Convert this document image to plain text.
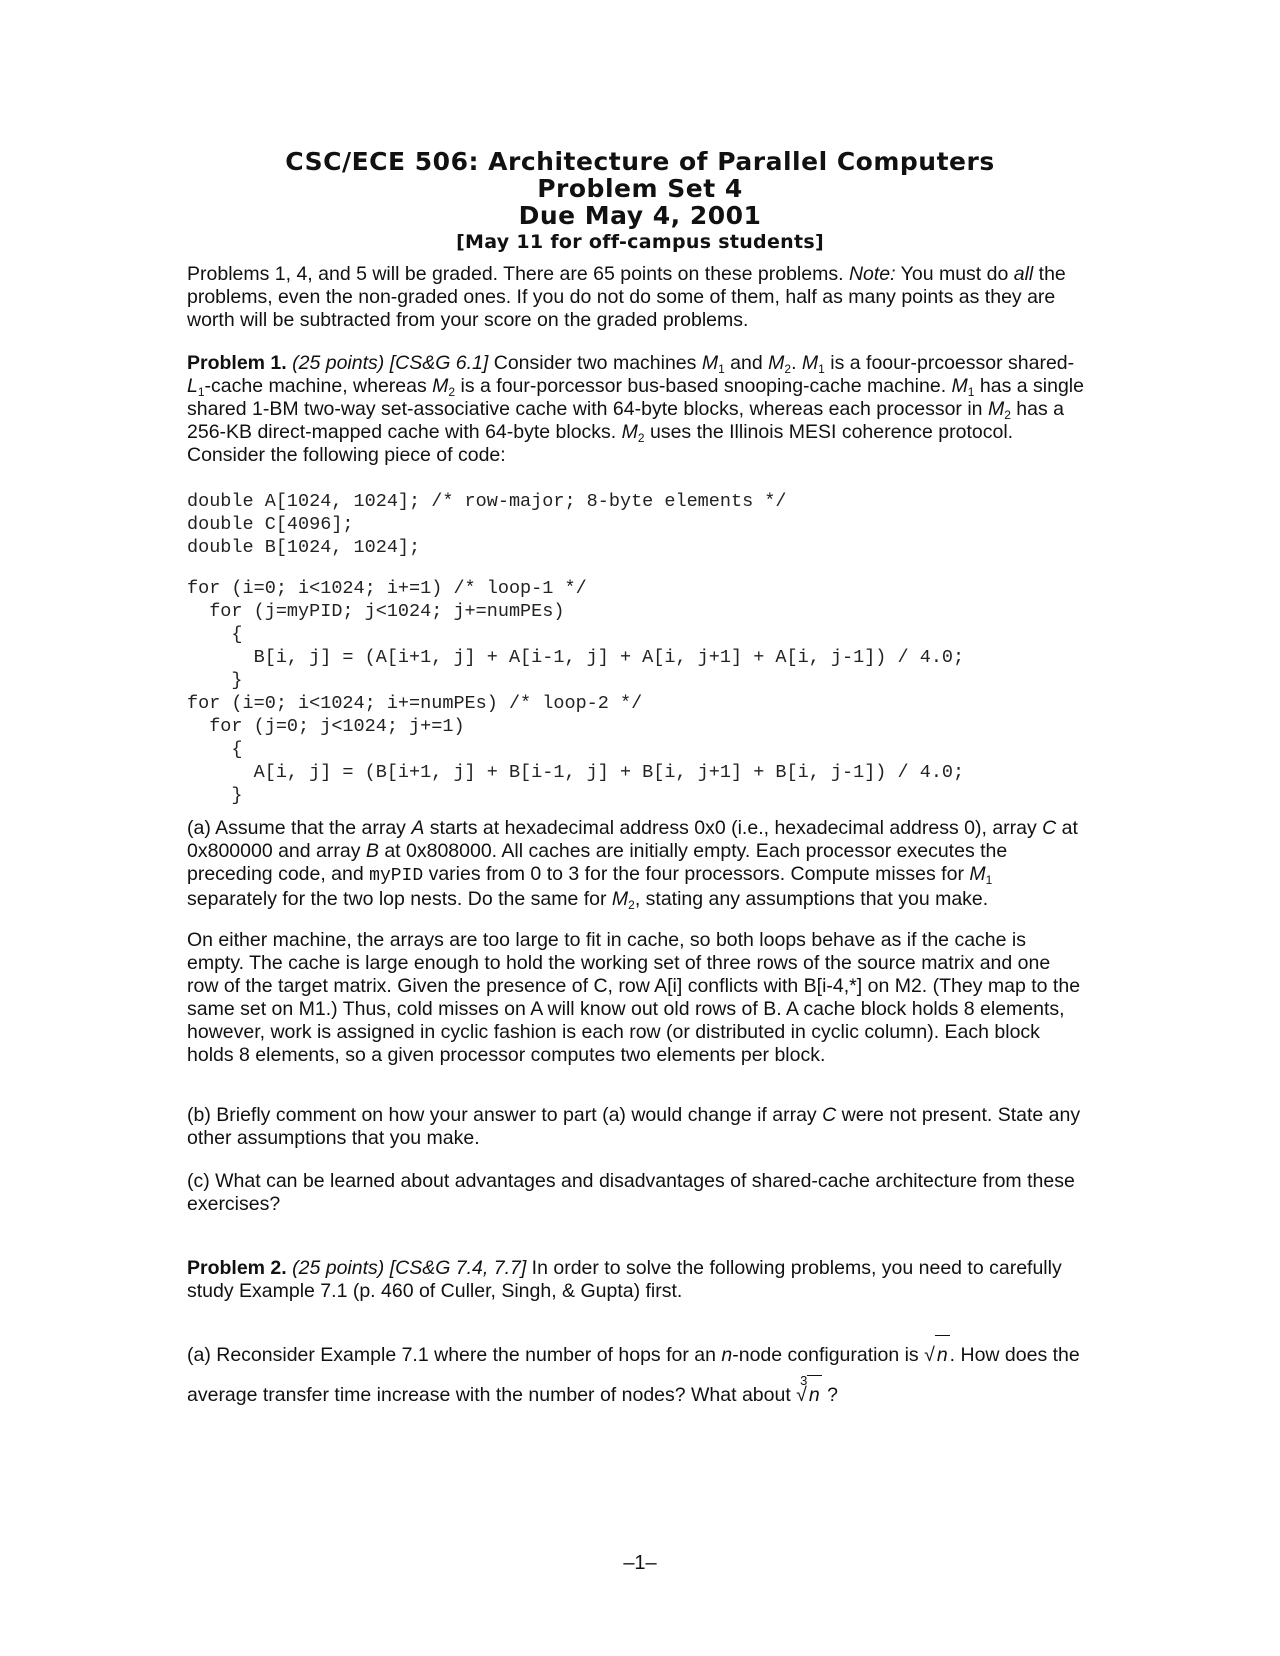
CSC/ECE 506: Architecture of Parallel Computers
Problem Set 4
Due May 4, 2001
[May 11 for off-campus students]

Problems 1, 4, and 5 will be graded. There are 65 points on these problems. Note: You must do all the problems, even the non-graded ones. If you do not do some of them, half as many points as they are worth will be subtracted from your score on the graded problems.

Problem 1. (25 points) [CS&G 6.1] Consider two machines $M_1$ and $M_2$. $M_1$ is a foour-prcoessor shared-$L_1$-cache machine, whereas $M_2$ is a four-porcessor bus-based snooping-cache machine. $M_1$ has a single shared 1-BM two-way set-associative cache with 64-byte blocks, whereas each processor in $M_2$ has a 256-KB direct-mapped cache with 64-byte blocks. $M_2$ uses the Illinois MESI coherence protocol. Consider the following piece of code:

double A[1024, 1024]; /* row-major; 8-byte elements */
double C[4096];
double B[1024, 1024];
for (i=0; i<1024; i+=1) /* loop-1 */
for (j=myPID; j<1024; j+=numPEs)
{
B[i, j] = (A[i+1, j] + A[i-1, j] + A[i, j+1] + A[i, j-1]) / 4.0;
}
for (i=0; i<1024; i+=numPEs) /* loop-2 */
for (j=0; j<1024; j+=1)
{
A[i, j] = (B[i+1, j] + B[i-1, j] + B[i, j+1] + B[i, j-1]) / 4.0;
}

(a) Assume that the array A starts at hexadecimal address 0x0 (i.e., hexadecimal address 0), array C at 0x800000 and array B at 0x808000. All caches are initially empty. Each processor executes the preceding code, and myPID varies from 0 to 3 for the four processors. Compute misses for $M_1$ separately for the two lop nests. Do the same for $M_2$, stating any assumptions that you make.

On either machine, the arrays are too large to fit in cache, so both loops behave as if the cache is empty. The cache is large enough to hold the working set of three rows of the source matrix and one row of the target matrix. Given the presence of C, row A[i] conflicts with B[i-4,*] on M2. (They map to the same set on M1.) Thus, cold misses on A will know out old rows of B. A cache block holds 8 elements, however, work is assigned in cyclic fashion is each row (or distributed in cyclic column). Each block holds 8 elements, so a given processor computes two elements per block.

(b) Briefly comment on how your answer to part (a) would change if array C were not present. State any other assumptions that you make.

(c) What can be learned about advantages and disadvantages of shared-cache architecture from these exercises?

Problem 2. (25 points) [CS&G 7.4, 7.7] In order to solve the following problems, you need to carefully study Example 7.1 (p. 460 of Culler, Singh, & Gupta) first.

(a) Reconsider Example 7.1 where the number of hops for an n-node configuration is √ n . How does the average transfer time increase with the number of nodes? What about
3
√ n ?

–1–
